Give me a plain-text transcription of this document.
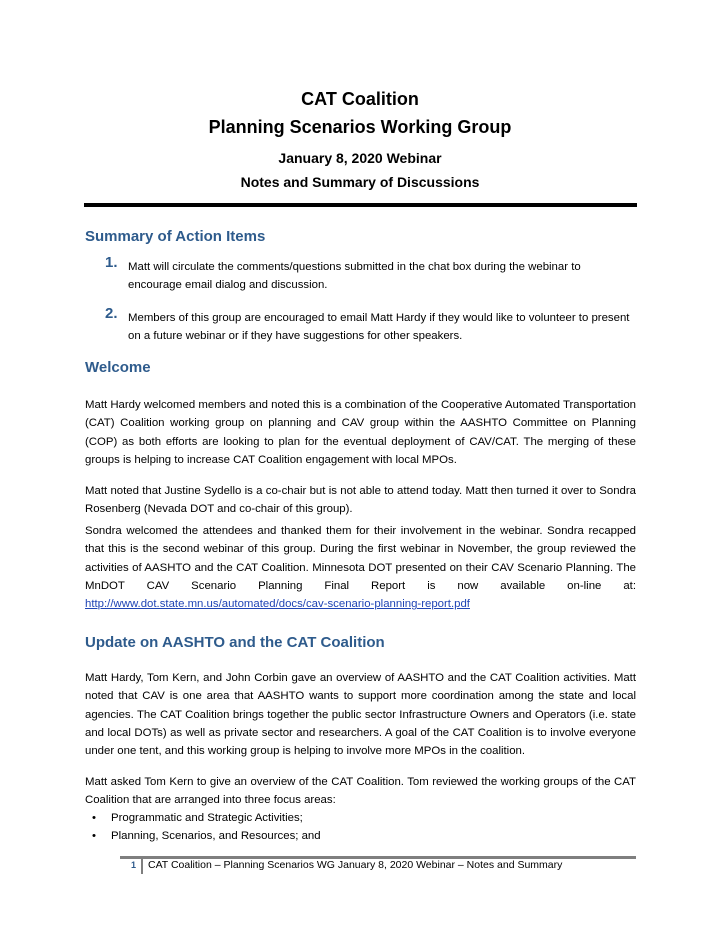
CAT Coalition
Planning Scenarios Working Group
January 8, 2020 Webinar
Notes and Summary of Discussions
Summary of Action Items
1. Matt will circulate the comments/questions submitted in the chat box during the webinar to encourage email dialog and discussion.
2. Members of this group are encouraged to email Matt Hardy if they would like to volunteer to present on a future webinar or if they have suggestions for other speakers.
Welcome

Matt Hardy welcomed members and noted this is a combination of the Cooperative Automated Transportation (CAT) Coalition working group on planning and CAV group within the AASHTO Committee on Planning (COP) as both efforts are looking to plan for the eventual deployment of CAV/CAT. The merging of these groups is helping to increase CAT Coalition engagement with local MPOs.

Matt noted that Justine Sydello is a co-chair but is not able to attend today. Matt then turned it over to Sondra Rosenberg (Nevada DOT and co-chair of this group).

Sondra welcomed the attendees and thanked them for their involvement in the webinar. Sondra recapped that this is the second webinar of this group. During the first webinar in November, the group reviewed the activities of AASHTO and the CAT Coalition. Minnesota DOT presented on their CAV Scenario Planning. The MnDOT CAV Scenario Planning Final Report is now available on-line at: http://www.dot.state.mn.us/automated/docs/cav-scenario-planning-report.pdf

Update on AASHTO and the CAT Coalition

Matt Hardy, Tom Kern, and John Corbin gave an overview of AASHTO and the CAT Coalition activities. Matt noted that CAV is one area that AASHTO wants to support more coordination among the state and local agencies. The CAT Coalition brings together the public sector Infrastructure Owners and Operators (i.e. state and local DOTs) as well as private sector and researchers. A goal of the CAT Coalition is to involve everyone under one tent, and this working group is helping to involve more MPOs in the coalition.

Matt asked Tom Kern to give an overview of the CAT Coalition. Tom reviewed the working groups of the CAT Coalition that are arranged into three focus areas:

• Programmatic and Strategic Activities;
• Planning, Scenarios, and Resources; and
1 CAT Coalition – Planning Scenarios WG January 8, 2020 Webinar – Notes and Summary
